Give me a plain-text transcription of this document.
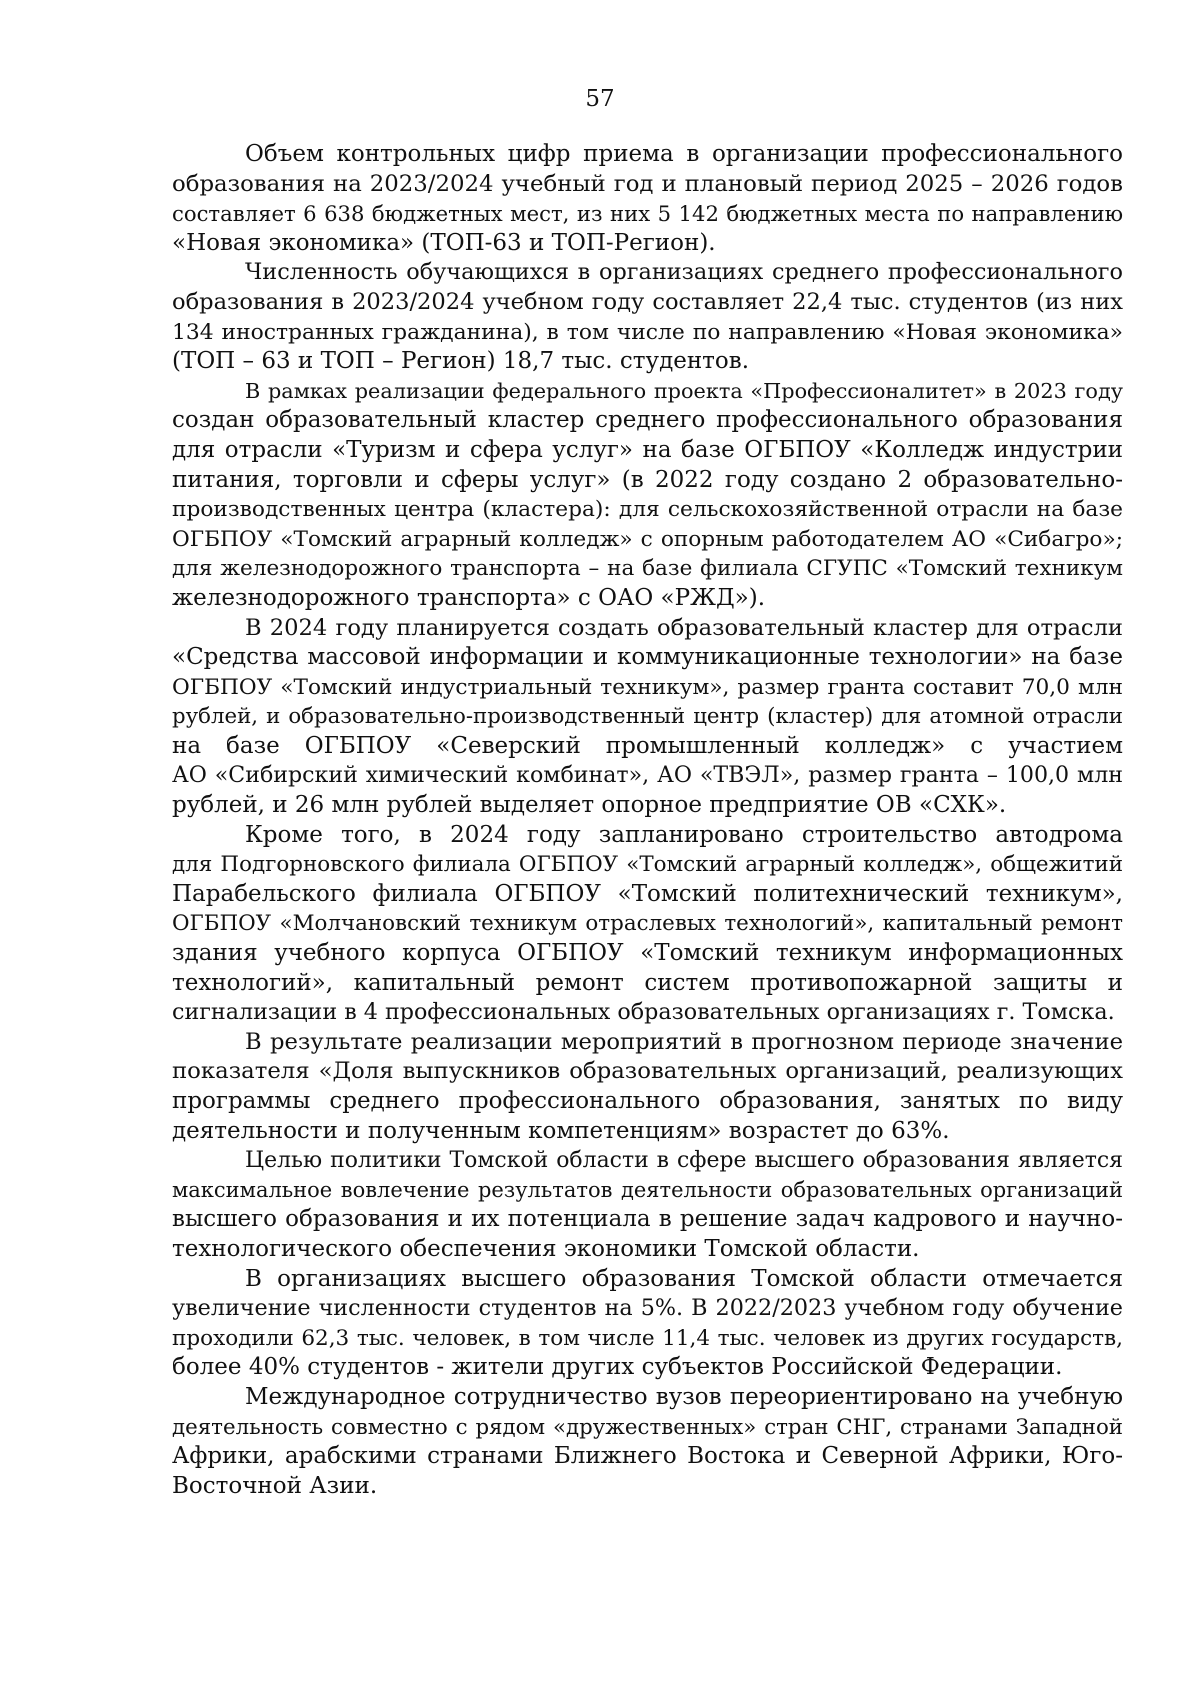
57
Объем контрольных цифр приема в организации профессионального
образования на 2023/2024 учебный год и плановый период 2025 – 2026 годов
составляет 6 638 бюджетных мест, из них 5 142 бюджетных места по направлению
«Новая экономика» (ТОП-63 и ТОП-Регион).
Численность обучающихся в организациях среднего профессионального
образования в 2023/2024 учебном году составляет 22,4 тыс. студентов (из них
134 иностранных гражданина), в том числе по направлению «Новая экономика»
(ТОП – 63 и ТОП – Регион) 18,7 тыс. студентов.
В рамках реализации федерального проекта «Профессионалитет» в 2023 году
создан образовательный кластер среднего профессионального образования
для отрасли «Туризм и сфера услуг» на базе ОГБПОУ «Колледж индустрии
питания, торговли и сферы услуг» (в 2022 году создано 2 образовательно-
производственных центра (кластера): для сельскохозяйственной отрасли на базе
ОГБПОУ «Томский аграрный колледж» с опорным работодателем АО «Сибагро»;
для железнодорожного транспорта – на базе филиала СГУПС «Томский техникум
железнодорожного транспорта» с ОАО «РЖД»).
В 2024 году планируется создать образовательный кластер для отрасли
«Средства массовой информации и коммуникационные технологии» на базе
ОГБПОУ «Томский индустриальный техникум», размер гранта составит 70,0 млн
рублей, и образовательно-производственный центр (кластер) для атомной отрасли
на базе ОГБПОУ «Северский промышленный колледж» с участием
АО «Сибирский химический комбинат», АО «ТВЭЛ», размер гранта – 100,0 млн
рублей, и 26 млн рублей выделяет опорное предприятие ОВ «СХК».
Кроме того, в 2024 году запланировано строительство автодрома
для Подгорновского филиала ОГБПОУ «Томский аграрный колледж», общежитий
Парабельского филиала ОГБПОУ «Томский политехнический техникум»,
ОГБПОУ «Молчановский техникум отраслевых технологий», капитальный ремонт
здания учебного корпуса ОГБПОУ «Томский техникум информационных
технологий», капитальный ремонт систем противопожарной защиты и
сигнализации в 4 профессиональных образовательных организациях г. Томска.
В результате реализации мероприятий в прогнозном периоде значение
показателя «Доля выпускников образовательных организаций, реализующих
программы среднего профессионального образования, занятых по виду
деятельности и полученным компетенциям» возрастет до 63%.
Целью политики Томской области в сфере высшего образования является
максимальное вовлечение результатов деятельности образовательных организаций
высшего образования и их потенциала в решение задач кадрового и научно-
технологического обеспечения экономики Томской области.
В организациях высшего образования Томской области отмечается
увеличение численности студентов на 5%. В 2022/2023 учебном году обучение
проходили 62,3 тыс. человек, в том числе 11,4 тыс. человек из других государств,
более 40% студентов - жители других субъектов Российской Федерации.
Международное сотрудничество вузов переориентировано на учебную
деятельность совместно с рядом «дружественных» стран СНГ, странами Западной
Африки, арабскими странами Ближнего Востока и Северной Африки, Юго-
Восточной Азии.
